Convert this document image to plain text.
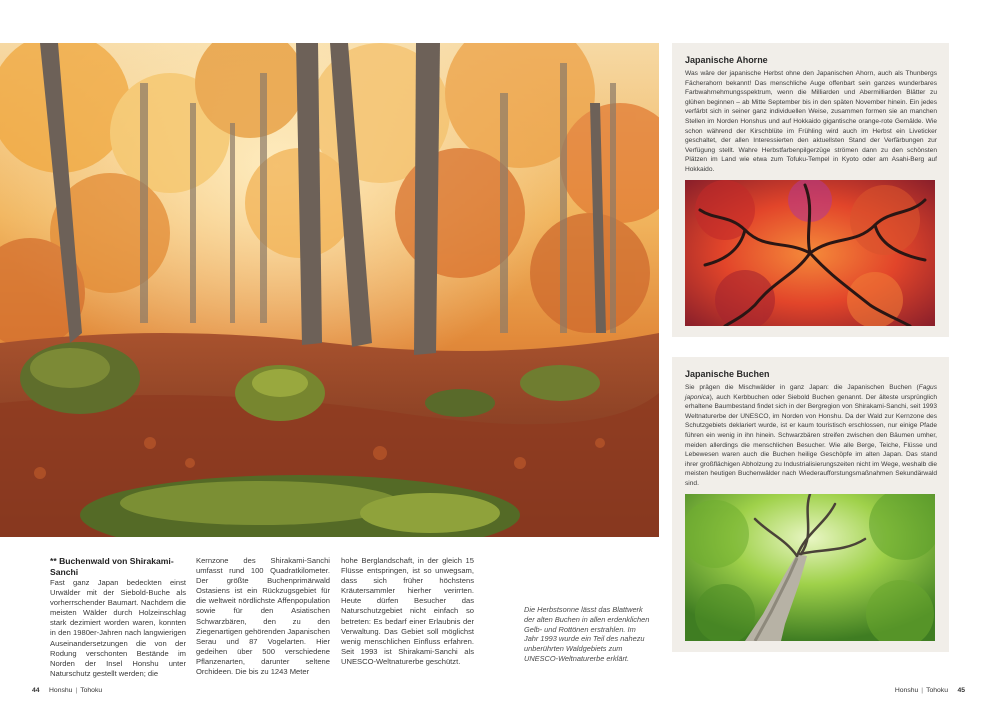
** Buchenwald von Shirakami-Sanchi
Fast ganz Japan bedeckten einst Urwälder mit der Siebold-Buche als vorherrschender Baumart. Nachdem die meisten Wälder durch Holzeinschlag stark dezimiert worden waren, konnten in den 1980er-Jahren nach langwierigen Auseinandersetzungen die von der Rodung verschonten Bestände im Norden der Insel Honshu unter Naturschutz gestellt werden; die
Kernzone des Shirakami-Sanchi umfasst rund 100 Quadratkilometer. Der größte Buchenprimärwald Ostasiens ist ein Rückzugsgebiet für die weltweit nördlichste Affenpopulation sowie für den Asiatischen Schwarzbären, den zu den Ziegenartigen gehörenden Japanischen Serau und 87 Vogelarten. Hier gedeihen über 500 verschiedene Pflanzenarten, darunter seltene Orchideen. Die bis zu 1243 Meter
hohe Berglandschaft, in der gleich 15 Flüsse entspringen, ist so unwegsam, dass sich früher höchstens Kräutersammler hierher verirrten. Heute dürfen Besucher das Naturschutzgebiet nicht einfach so betreten: Es bedarf einer Erlaubnis der Verwaltung. Das Gebiet soll möglichst wenig menschlichen Einfluss erfahren. Seit 1993 ist Shirakami-Sanchi als UNESCO-Weltnaturerbe geschützt.
Die Herbstsonne lässt das Blattwerk der alten Buchen in allen erdenklichen Gelb- und Rottönen erstrahlen. Im Jahr 1993 wurde ein Teil des nahezu unberührten Waldgebiets zum UNESCO-Weltnaturerbe erklärt.
Japanische Ahorne
Was wäre der japanische Herbst ohne den Japanischen Ahorn, auch als Thunbergs Fächerahorn bekannt! Das menschliche Auge offenbart sein ganzes wunderbares Farbwahrnehmungsspektrum, wenn die Milliarden und Abermilliarden Blätter zu glühen beginnen – ab Mitte September bis in den späten November hinein. Ein jedes verfärbt sich in seiner ganz individuellen Weise, zusammen formen sie an manchen Stellen im Norden Honshus und auf Hokkaido gigantische orange-rote Gemälde. Wie schon während der Kirschblüte im Frühling wird auch im Herbst ein Liveticker geschaltet, der allen Interessierten den aktuellsten Stand der Verfärbungen zur Verfügung stellt. Wahre Herbstfarbenpilgerzüge strömen dann zu den schönsten Plätzen im Land wie etwa zum Tofuku-Tempel in Kyoto oder am Asahi-Berg auf Hokkaido.
Japanische Buchen
Sie prägen die Mischwälder in ganz Japan: die Japanischen Buchen (Fagus japonica), auch Kerbbuchen oder Siebold Buchen genannt. Der älteste ursprünglich erhaltene Baumbestand findet sich in der Bergregion von Shirakami-Sanchi, seit 1993 Weltnaturerbe der UNESCO, im Norden von Honshu. Da der Wald zur Kernzone des Schutzgebiets deklariert wurde, ist er kaum touristisch erschlossen, nur einige Pfade führen ein wenig in ihn hinein. Schwarzbären streifen zwischen den Bäumen umher, meiden allerdings die menschlichen Besucher. Wie alle Berge, Teiche, Flüsse und Lebewesen waren auch die Buchen heilige Geschöpfe im alten Japan. Das stand ihrer großflächigen Abholzung zu Industrialisierungszeiten nicht im Wege, weshalb die meisten heutigen Buchenwälder nach Wiederaufforstungsmaßnahmen Sekundärwald sind.
44 Honshu | Tohoku	Honshu | Tohoku 45
